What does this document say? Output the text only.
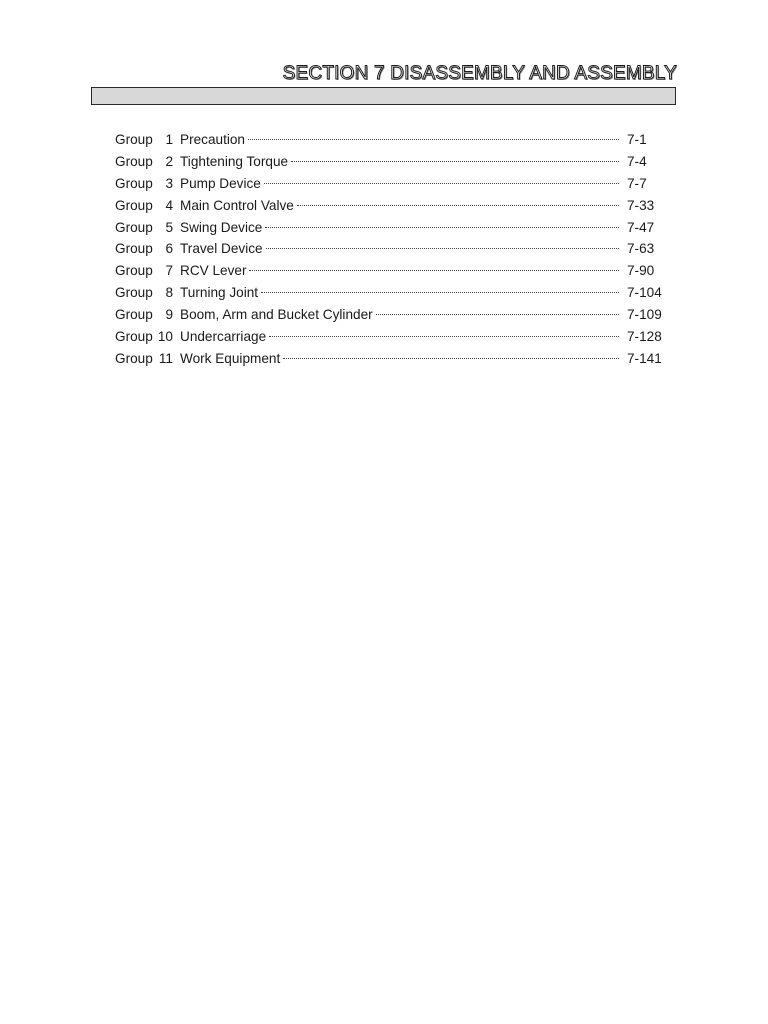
SECTION 7 DISASSEMBLY AND ASSEMBLY
Group 1 Precaution	7-1
Group 2 Tightening Torque	7-4
Group 3 Pump Device	7-7
Group 4 Main Control Valve	7-33
Group 5 Swing Device	7-47
Group 6 Travel Device	7-63
Group 7 RCV Lever	7-90
Group 8 Turning Joint	7-104
Group 9 Boom, Arm and Bucket Cylinder	7-109
Group 10 Undercarriage	7-128
Group 11 Work Equipment	7-141
